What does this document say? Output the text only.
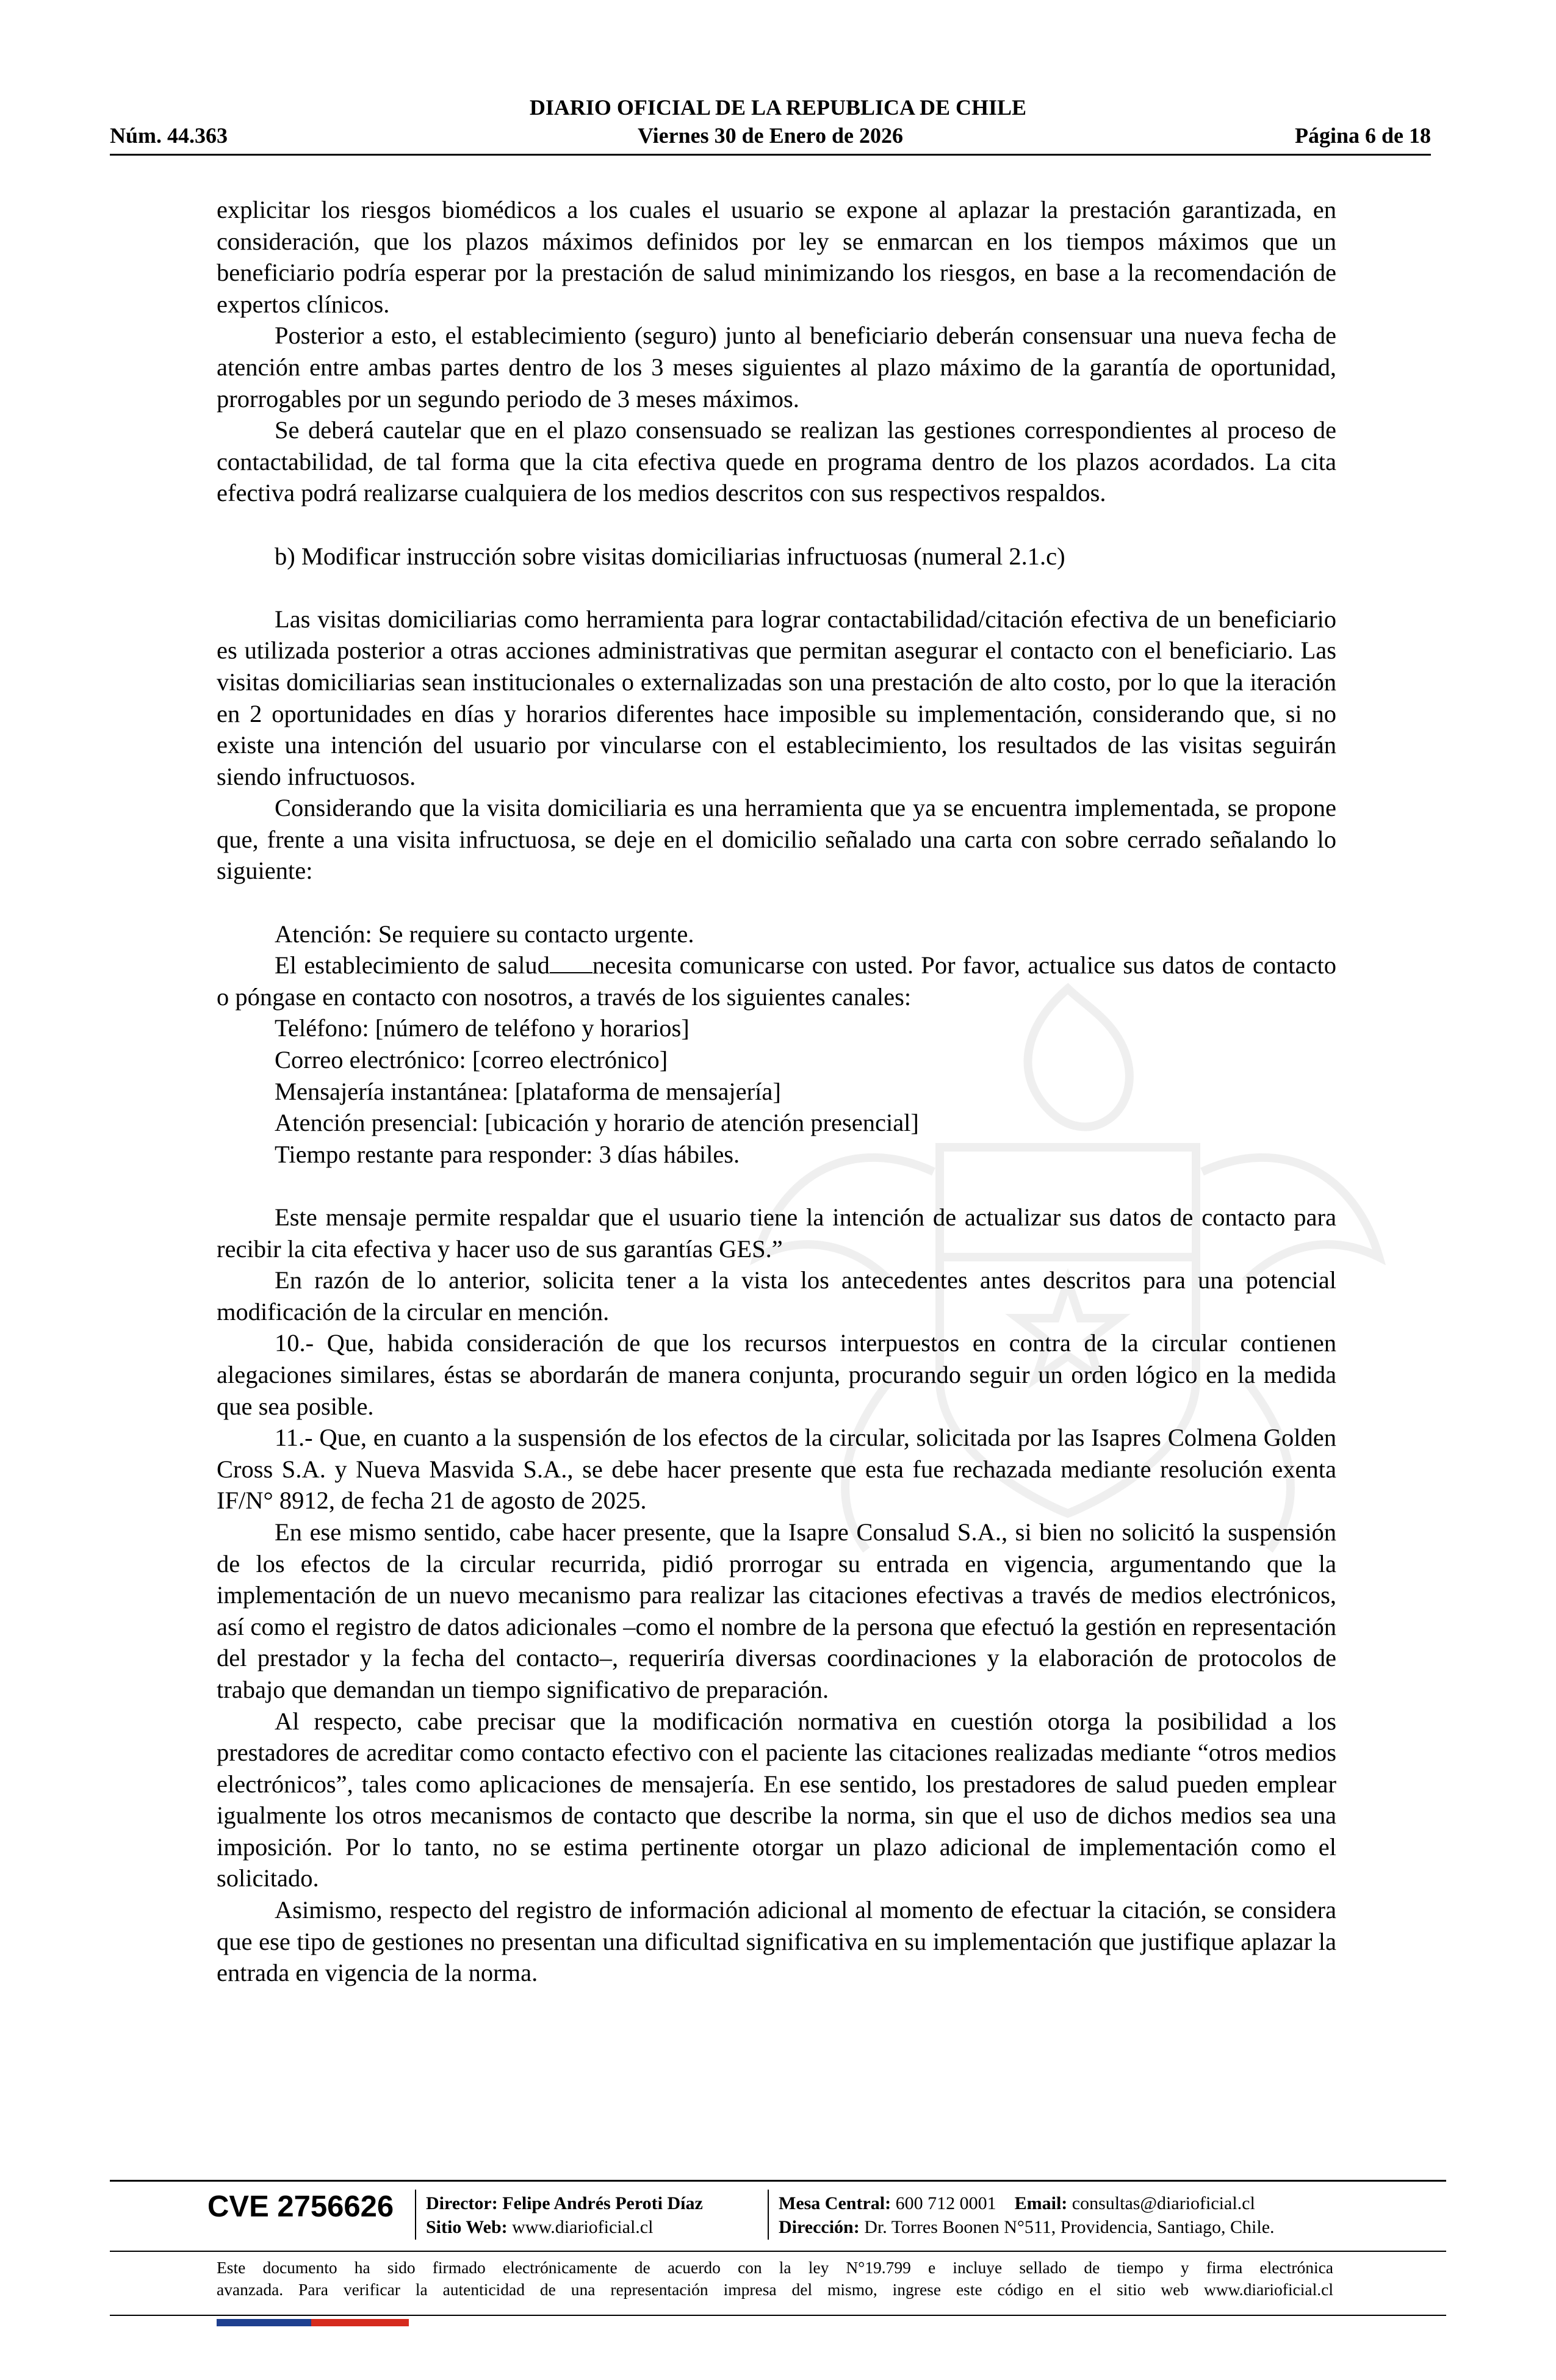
DIARIO OFICIAL DE LA REPUBLICA DE CHILE
Viernes 30 de Enero de 2026
Núm. 44.363	Página 6 de 18

explicitar los riesgos biomédicos a los cuales el usuario se expone al aplazar la prestación garantizada, en consideración, que los plazos máximos definidos por ley se enmarcan en los tiempos máximos que un beneficiario podría esperar por la prestación de salud minimizando los riesgos, en base a la recomendación de expertos clínicos.

Posterior a esto, el establecimiento (seguro) junto al beneficiario deberán consensuar una nueva fecha de atención entre ambas partes dentro de los 3 meses siguientes al plazo máximo de la garantía de oportunidad, prorrogables por un segundo periodo de 3 meses máximos.

Se deberá cautelar que en el plazo consensuado se realizan las gestiones correspondientes al proceso de contactabilidad, de tal forma que la cita efectiva quede en programa dentro de los plazos acordados. La cita efectiva podrá realizarse cualquiera de los medios descritos con sus respectivos respaldos.

b) Modificar instrucción sobre visitas domiciliarias infructuosas (numeral 2.1.c)

Las visitas domiciliarias como herramienta para lograr contactabilidad/citación efectiva de un beneficiario es utilizada posterior a otras acciones administrativas que permitan asegurar el contacto con el beneficiario. Las visitas domiciliarias sean institucionales o externalizadas son una prestación de alto costo, por lo que la iteración en 2 oportunidades en días y horarios diferentes hace imposible su implementación, considerando que, si no existe una intención del usuario por vincularse con el establecimiento, los resultados de las visitas seguirán siendo infructuosos.

Considerando que la visita domiciliaria es una herramienta que ya se encuentra implementada, se propone que, frente a una visita infructuosa, se deje en el domicilio señalado una carta con sobre cerrado señalando lo siguiente:

Atención: Se requiere su contacto urgente.

El establecimiento de salud necesita comunicarse con usted. Por favor, actualice sus datos de contacto o póngase en contacto con nosotros, a través de los siguientes canales:

Teléfono: [número de teléfono y horarios]

Correo electrónico: [correo electrónico]

Mensajería instantánea: [plataforma de mensajería]

Atención presencial: [ubicación y horario de atención presencial]

Tiempo restante para responder: 3 días hábiles.

Este mensaje permite respaldar que el usuario tiene la intención de actualizar sus datos de contacto para recibir la cita efectiva y hacer uso de sus garantías GES.”

En razón de lo anterior, solicita tener a la vista los antecedentes antes descritos para una potencial modificación de la circular en mención.

10.- Que, habida consideración de que los recursos interpuestos en contra de la circular contienen alegaciones similares, éstas se abordarán de manera conjunta, procurando seguir un orden lógico en la medida que sea posible.

11.- Que, en cuanto a la suspensión de los efectos de la circular, solicitada por las Isapres Colmena Golden Cross S.A. y Nueva Masvida S.A., se debe hacer presente que esta fue rechazada mediante resolución exenta IF/N° 8912, de fecha 21 de agosto de 2025.

En ese mismo sentido, cabe hacer presente, que la Isapre Consalud S.A., si bien no solicitó la suspensión de los efectos de la circular recurrida, pidió prorrogar su entrada en vigencia, argumentando que la implementación de un nuevo mecanismo para realizar las citaciones efectivas a través de medios electrónicos, así como el registro de datos adicionales –como el nombre de la persona que efectuó la gestión en representación del prestador y la fecha del contacto–, requeriría diversas coordinaciones y la elaboración de protocolos de trabajo que demandan un tiempo significativo de preparación.

Al respecto, cabe precisar que la modificación normativa en cuestión otorga la posibilidad a los prestadores de acreditar como contacto efectivo con el paciente las citaciones realizadas mediante “otros medios electrónicos”, tales como aplicaciones de mensajería. En ese sentido, los prestadores de salud pueden emplear igualmente los otros mecanismos de contacto que describe la norma, sin que el uso de dichos medios sea una imposición. Por lo tanto, no se estima pertinente otorgar un plazo adicional de implementación como el solicitado.

Asimismo, respecto del registro de información adicional al momento de efectuar la citación, se considera que ese tipo de gestiones no presentan una dificultad significativa en su implementación que justifique aplazar la entrada en vigencia de la norma.

CVE 2756626 Director: Felipe Andrés Peroti Díaz
Sitio Web: www.diarioficial.cl
Mesa Central: 600 712 0001 Email: consultas@diarioficial.cl
Dirección: Dr. Torres Boonen N°511, Providencia, Santiago, Chile.
Este documento ha sido firmado electrónicamente de acuerdo con la ley N°19.799 e incluye sellado de tiempo y firma electrónica
avanzada. Para verificar la autenticidad de una representación impresa del mismo, ingrese este código en el sitio web www.diarioficial.cl
